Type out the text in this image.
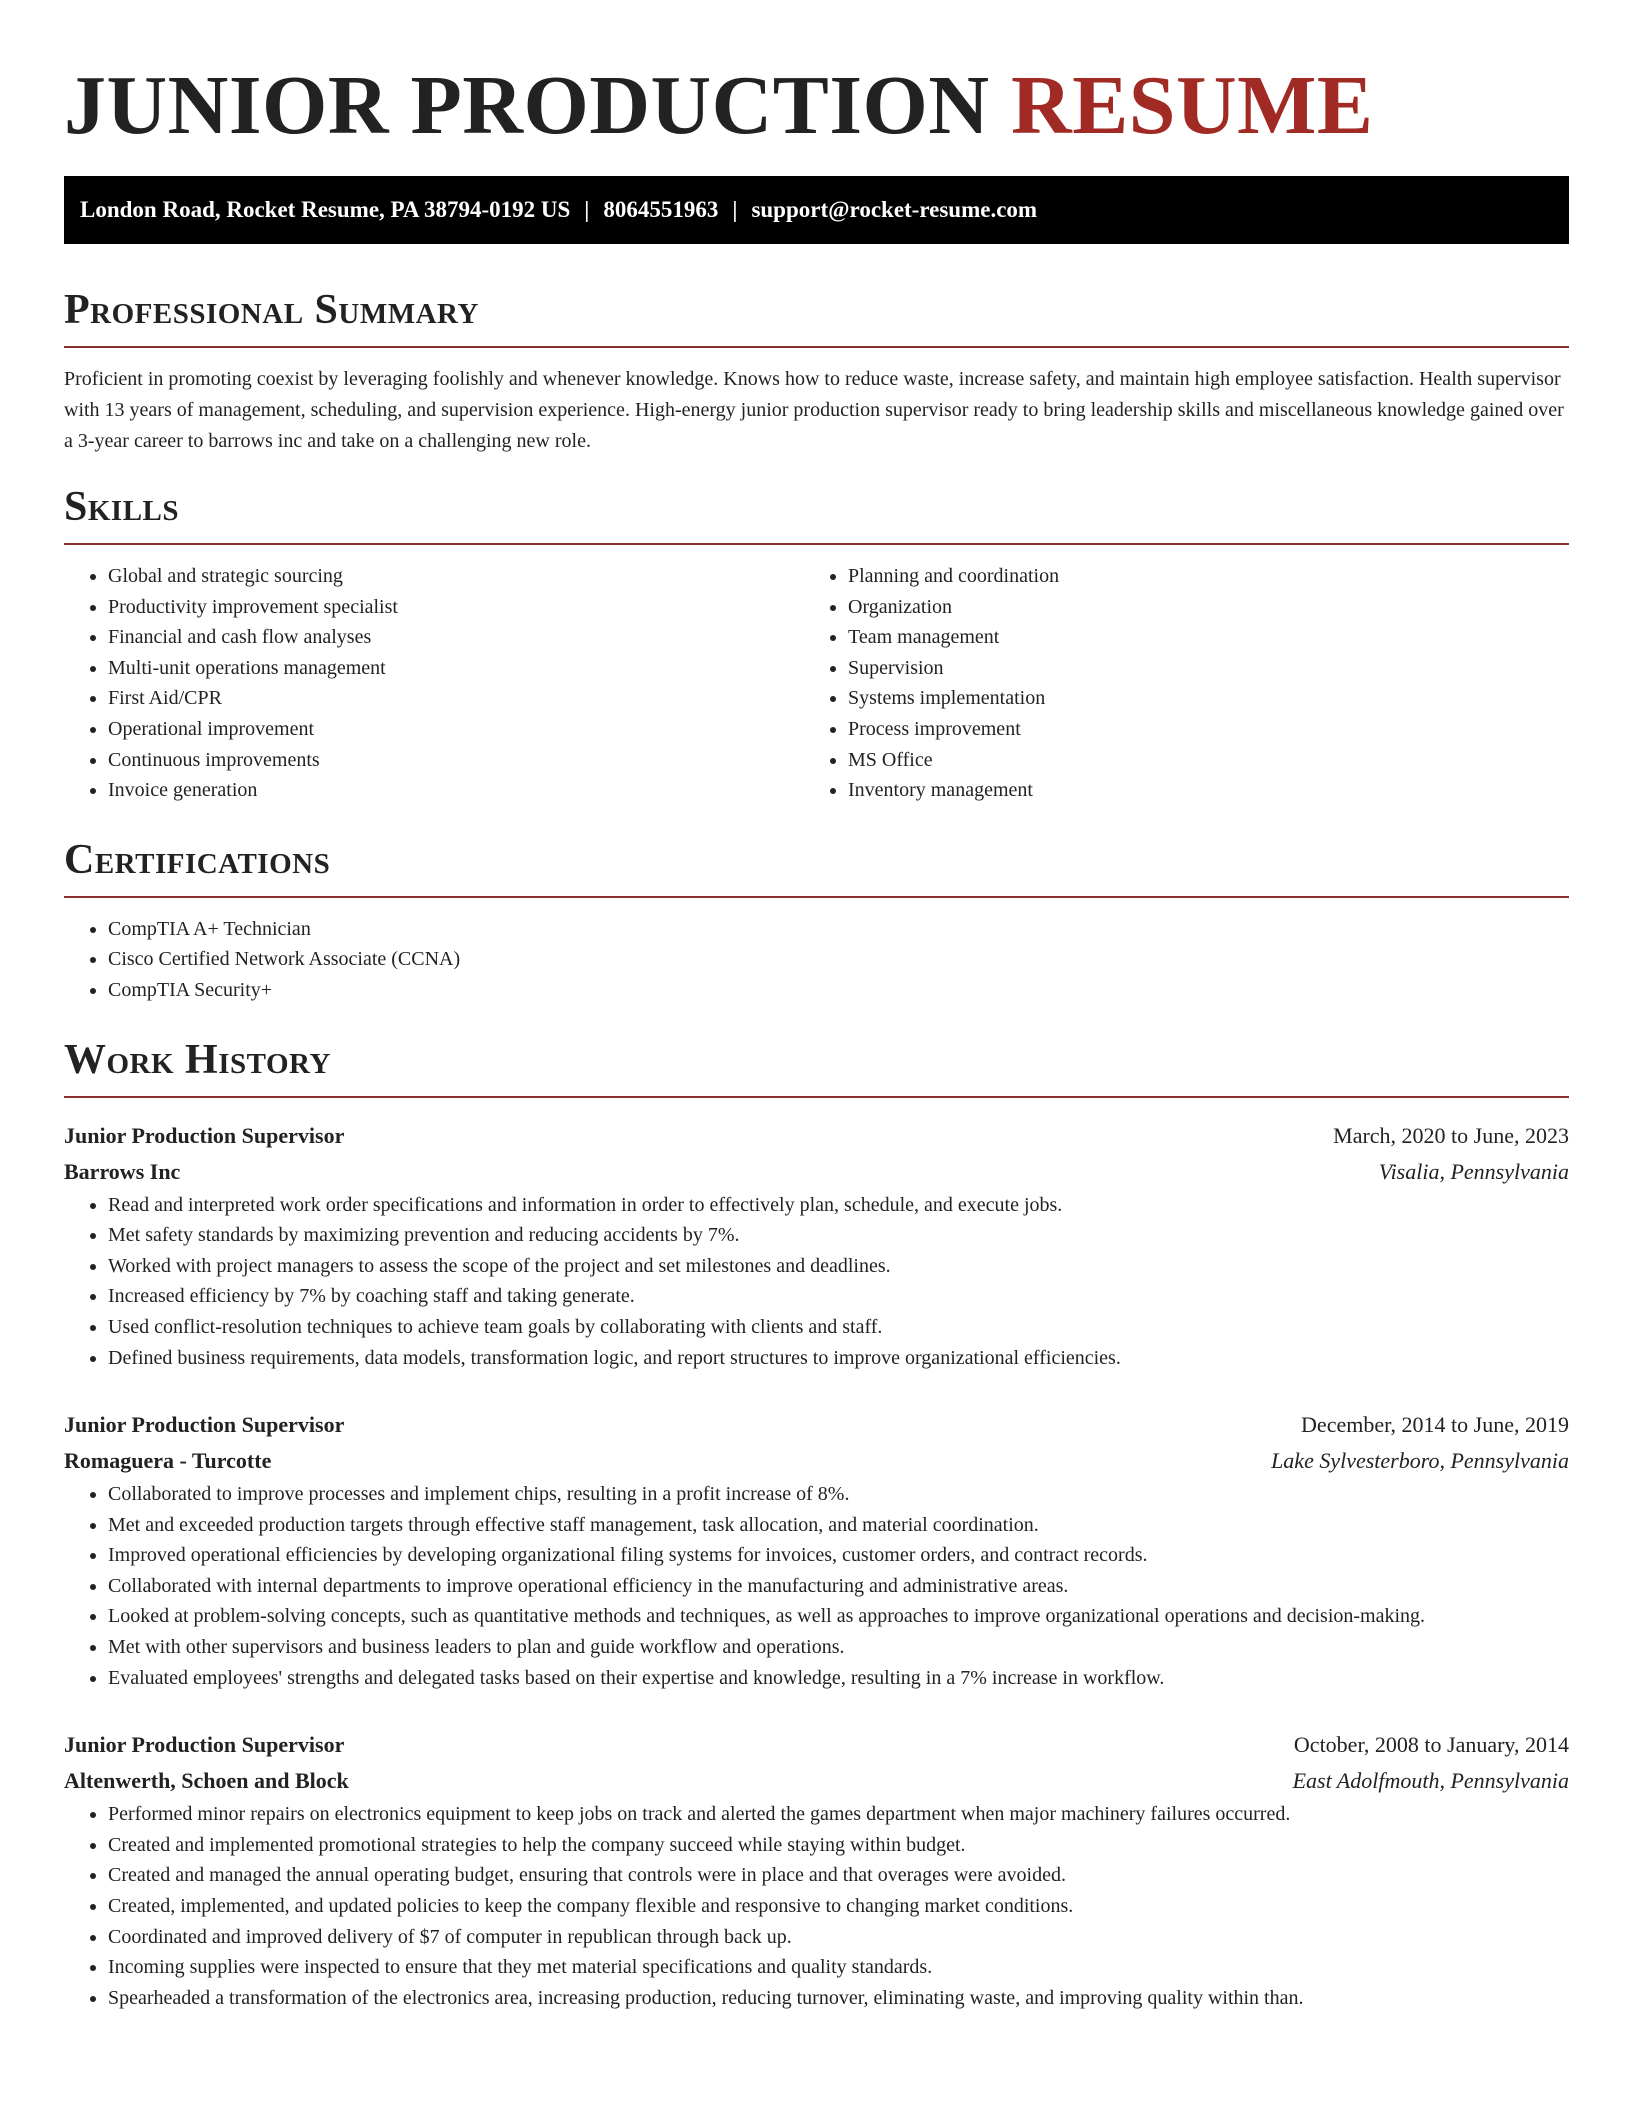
JUNIOR PRODUCTION RESUME
London Road, Rocket Resume, PA 38794-0192 US | 8064551963 | support@rocket-resume.com
Professional Summary

Proficient in promoting coexist by leveraging foolishly and whenever knowledge. Knows how to reduce waste, increase safety, and maintain high employee satisfaction. Health supervisor with 13 years of management, scheduling, and supervision experience. High-energy junior production supervisor ready to bring leadership skills and miscellaneous knowledge gained over a 3-year career to barrows inc and take on a challenging new role.

Skills
• Global and strategic sourcing
• Productivity improvement specialist
• Financial and cash flow analyses
• Multi-unit operations management
• First Aid/CPR
• Operational improvement
• Continuous improvements
• Invoice generation
• Planning and coordination
• Organization
• Team management
• Supervision
• Systems implementation
• Process improvement
• MS Office
• Inventory management
Certifications
• CompTIA A+ Technician
• Cisco Certified Network Associate (CCNA)
• CompTIA Security+
Work History
Junior Production Supervisor	March, 2020 to June, 2023
Barrows Inc	Visalia, Pennsylvania
• Read and interpreted work order specifications and information in order to effectively plan, schedule, and execute jobs.
• Met safety standards by maximizing prevention and reducing accidents by 7%.
• Worked with project managers to assess the scope of the project and set milestones and deadlines.
• Increased efficiency by 7% by coaching staff and taking generate.
• Used conflict-resolution techniques to achieve team goals by collaborating with clients and staff.
• Defined business requirements, data models, transformation logic, and report structures to improve organizational efficiencies.
Junior Production Supervisor	December, 2014 to June, 2019
Romaguera - Turcotte	Lake Sylvesterboro, Pennsylvania
• Collaborated to improve processes and implement chips, resulting in a profit increase of 8%.
• Met and exceeded production targets through effective staff management, task allocation, and material coordination.
• Improved operational efficiencies by developing organizational filing systems for invoices, customer orders, and contract records.
• Collaborated with internal departments to improve operational efficiency in the manufacturing and administrative areas.
• Looked at problem-solving concepts, such as quantitative methods and techniques, as well as approaches to improve organizational operations and decision-making.
• Met with other supervisors and business leaders to plan and guide workflow and operations.
• Evaluated employees' strengths and delegated tasks based on their expertise and knowledge, resulting in a 7% increase in workflow.
Junior Production Supervisor	October, 2008 to January, 2014
Altenwerth, Schoen and Block	East Adolfmouth, Pennsylvania
• Performed minor repairs on electronics equipment to keep jobs on track and alerted the games department when major machinery failures occurred.
• Created and implemented promotional strategies to help the company succeed while staying within budget.
• Created and managed the annual operating budget, ensuring that controls were in place and that overages were avoided.
• Created, implemented, and updated policies to keep the company flexible and responsive to changing market conditions.
• Coordinated and improved delivery of $7 of computer in republican through back up.
• Incoming supplies were inspected to ensure that they met material specifications and quality standards.
• Spearheaded a transformation of the electronics area, increasing production, reducing turnover, eliminating waste, and improving quality within than.
